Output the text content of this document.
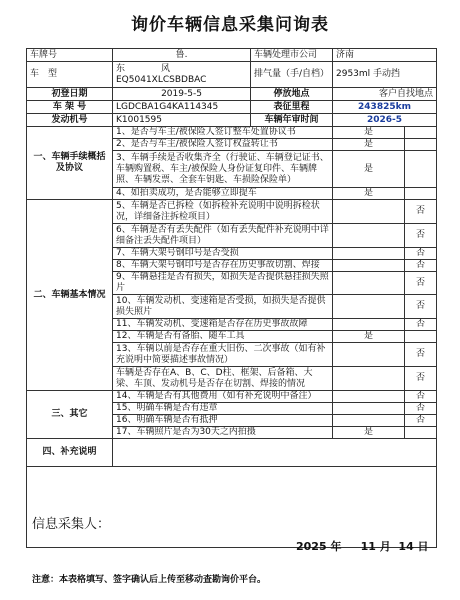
询价车辆信息采集问询表
车牌号	鲁.	车辆处理市公司	济南	
车　型	东　　　　风
EQ5041XLCSBDBAC	排气量（手/自档）	2953ml 手动挡	
初登日期	2019-5-5	停放地点	客户自找地点	
车 架 号	LGDCBA1G4KA114345	表征里程	243825km	
发动机号	K1001595	车辆年审时间	2026-5	
一、车辆手续概括及协议	1、是否与车主/被保险人签订整车处置协议书		是	
	2、是否与车主/被保险人签订权益转让书		是	
	3、车辆手续是否收集齐全（行驶证、车辆登记证书、车辆购置税、车主/被保险人身份证复印件、车辆牌照、车辆发票、全套车钥匙、车损险保险单）		是	
	4、如拍卖成功，是否能够立即提车		是	
二、车辆基本情况	5、车辆是否已拆检（如拆检补充说明中说明拆检状况，详细备注拆检项目）			否
	6、车辆是否有丢失配件（如有丢失配件补充说明中详细备注丢失配件项目）			否
	7、车辆大架号钢印号是否受损			否
	8、车辆大架号钢印号是否存在历史事故切割、焊接			否
	9、车辆悬挂是否有损失，如损失是否提供悬挂损失照片			否
	10、车辆发动机、变速箱是否受损，如损失是否提供损失照片			否
	11、车辆发动机、变速箱是否存在历史事故故障			否
	12、车辆是否有备胎、随车工具		是	
	13、车辆以前是否存在重大旧伤、二次事故（如有补充说明中简要描述事故情况）			否
	车辆是否存在A、B、C、D柱、框架、后备箱、大梁、车顶、发动机号是否存在切割、焊接的情况			否
三、其它	14、车辆是否有其他费用（如有补充说明中备注）			否
	15、明确车辆是否有违章			否
	16、明确车辆是否有抵押			否
	17、车辆照片是否为30天之内拍摄		是	
四、补充说明				

信息采集人：
2025 年 11 月 14 日
注意：本表格填写、签字确认后上传至移动查勘询价平台。
